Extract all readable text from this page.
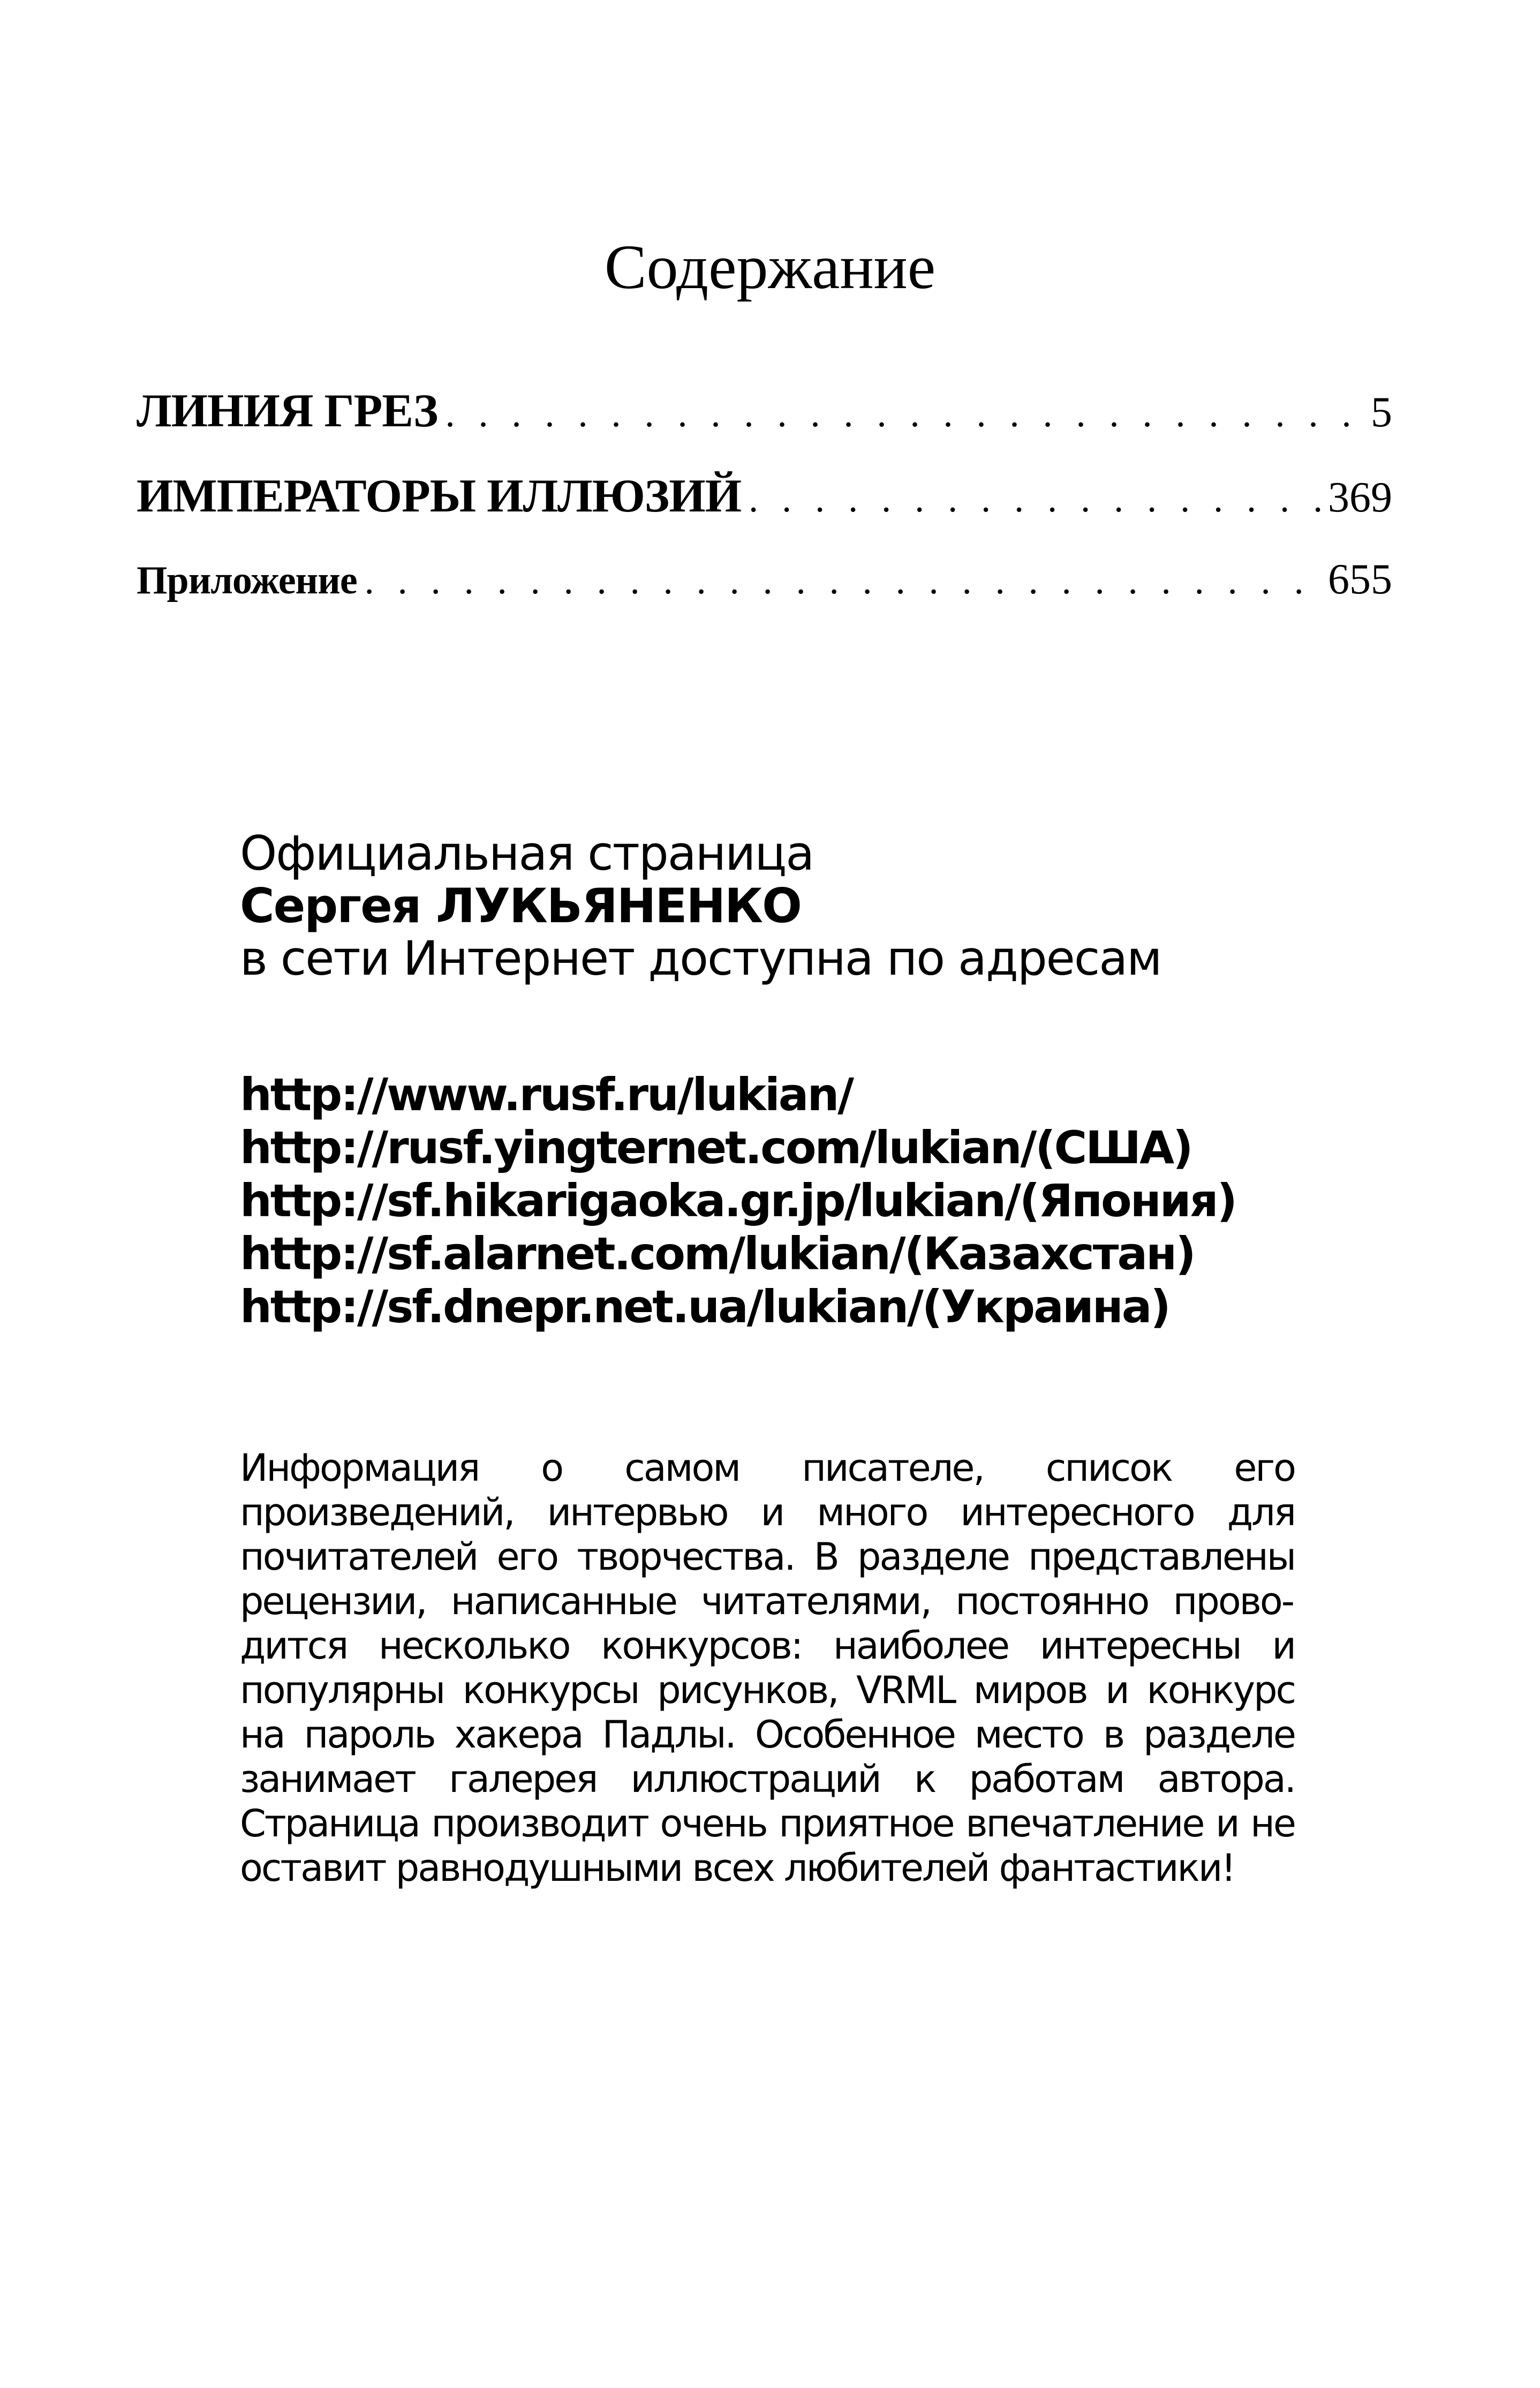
Содержание
ЛИНИЯ ГРЕЗ . . .	5
ИМПЕРАТОРЫ ИЛЛЮЗИЙ . . .	369
Приложение . . .	655
Официальная страница
Сергея ЛУКЬЯНЕНКО
в сети Интернет доступна по адресам
http://www.rusf.ru/lukian/
http://rusf.yingternet.com/lukian/(США)
http://sf.hikarigaoka.gr.jp/lukian/(Япония)
http://sf.alarnet.com/lukian/(Казахстан)
http://sf.dnepr.net.ua/lukian/(Украина)
Информация о самом писателе, список его произведений, интервью и много интересного для почитателей его творчества. В разделе представлены рецензии, написанные читателями, постоянно проводится несколько конкурсов: наиболее интересны и популярны конкурсы рисунков, VRML миров и конкурс на пароль хакера Падлы. Особенное место в разделе занимает галерея иллюстраций к работам автора. Страница производит очень приятное впечатление и не оставит равнодушными всех любителей фантастики!
